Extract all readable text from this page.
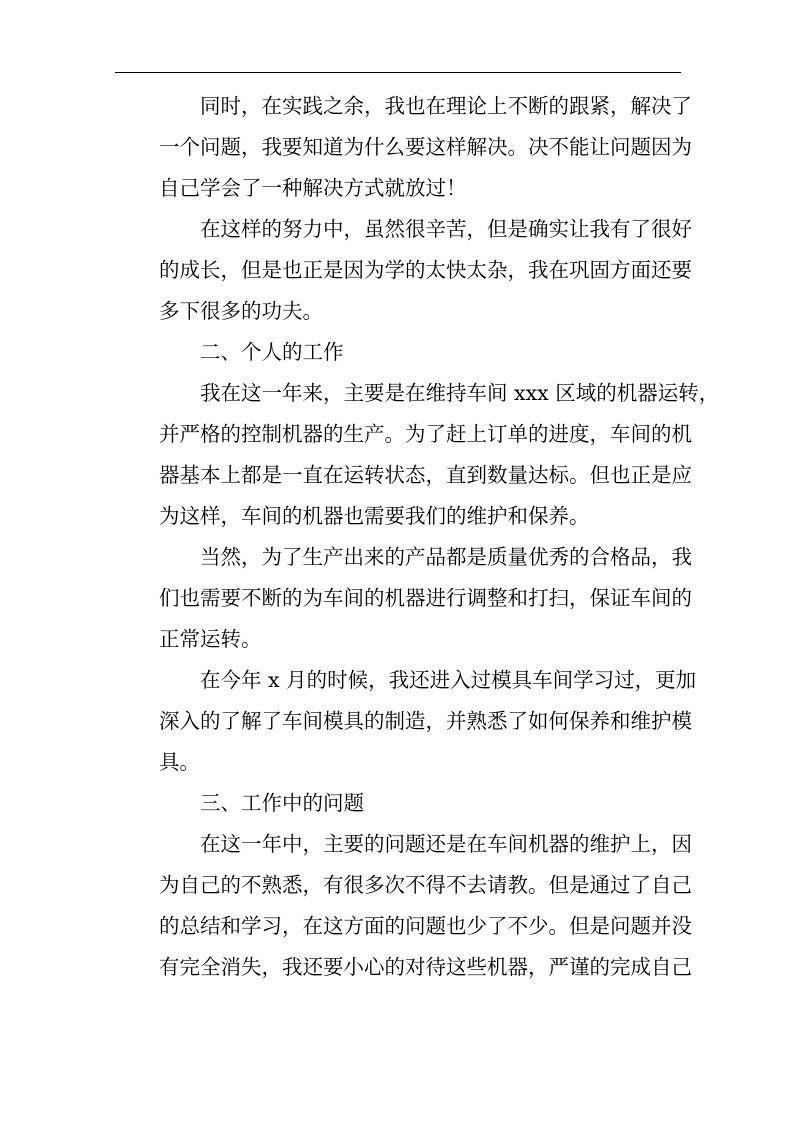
同时，在实践之余，我也在理论上不断的跟紧，解决了
一个问题，我要知道为什么要这样解决。决不能让问题因为
自己学会了一种解决方式就放过！
在这样的努力中，虽然很辛苦，但是确实让我有了很好
的成长，但是也正是因为学的太快太杂，我在巩固方面还要
多下很多的功夫。
二、个人的工作
我在这一年来，主要是在维持车间 xxx 区域的机器运转，
并严格的控制机器的生产。为了赶上订单的进度，车间的机
器基本上都是一直在运转状态，直到数量达标。但也正是应
为这样，车间的机器也需要我们的维护和保养。
当然，为了生产出来的产品都是质量优秀的合格品，我
们也需要不断的为车间的机器进行调整和打扫，保证车间的
正常运转。
在今年 x 月的时候，我还进入过模具车间学习过，更加
深入的了解了车间模具的制造，并熟悉了如何保养和维护模
具。
三、工作中的问题
在这一年中，主要的问题还是在车间机器的维护上，因
为自己的不熟悉，有很多次不得不去请教。但是通过了自己
的总结和学习，在这方面的问题也少了不少。但是问题并没
有完全消失，我还要小心的对待这些机器，严谨的完成自己
